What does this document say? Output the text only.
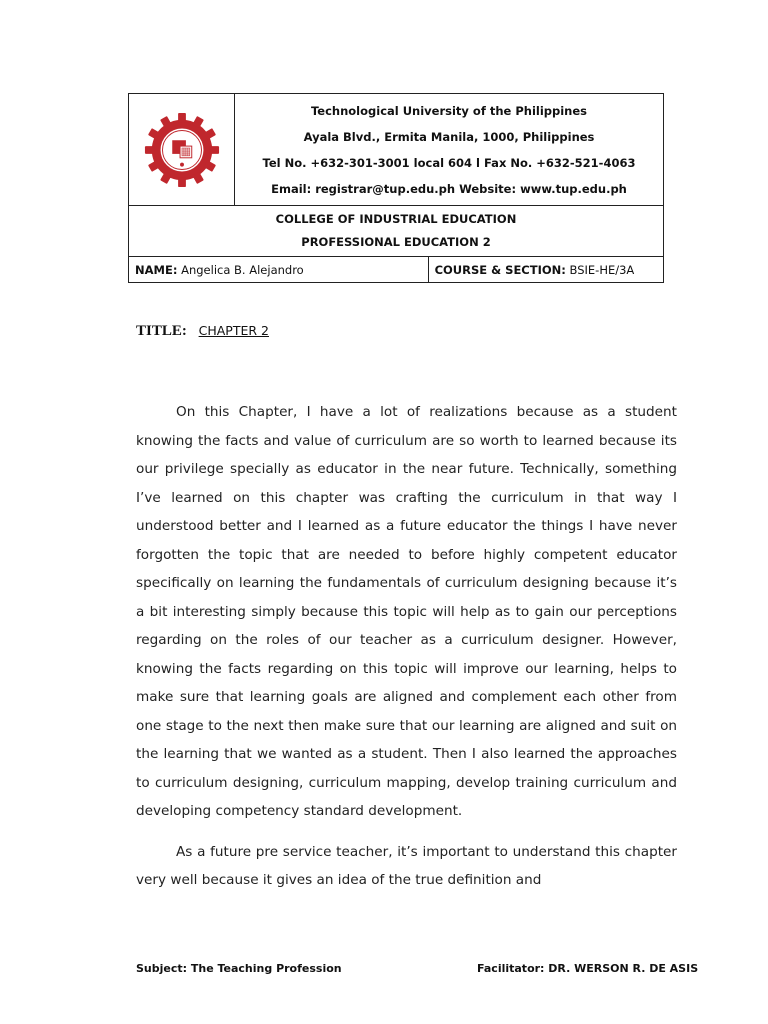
Technological University of the Philippines
Ayala Blvd., Ermita Manila, 1000, Philippines
Tel No. +632-301-3001 local 604 l Fax No. +632-521-4063
Email: registrar@tup.edu.ph Website: www.tup.edu.ph	

COLLEGE OF INDUSTRIAL EDUCATION
PROFESSIONAL EDUCATION 2		

NAME: Angelica B. Alejandro		COURSE & SECTION: BSIE-HE/3A
TITLE: CHAPTER 2

On this Chapter, I have a lot of realizations because as a student knowing the facts and value of curriculum are so worth to learned because its our privilege specially as educator in the near future. Technically, something I’ve learned on this chapter was crafting the curriculum in that way I understood better and I learned as a future educator the things I have never forgotten the topic that are needed to before highly competent educator specifically on learning the fundamentals of curriculum designing because it’s a bit interesting simply because this topic will help as to gain our perceptions regarding on the roles of our teacher as a curriculum designer. However, knowing the facts regarding on this topic will improve our learning, helps to make sure that learning goals are aligned and complement each other from one stage to the next then make sure that our learning are aligned and suit on the learning that we wanted as a student. Then I also learned the approaches to curriculum designing, curriculum mapping, develop training curriculum and developing competency standard development.

As a future pre service teacher, it’s important to understand this chapter very well because it gives an idea of the true definition and

Subject: The Teaching Profession	Facilitator: DR. WERSON R. DE ASIS
